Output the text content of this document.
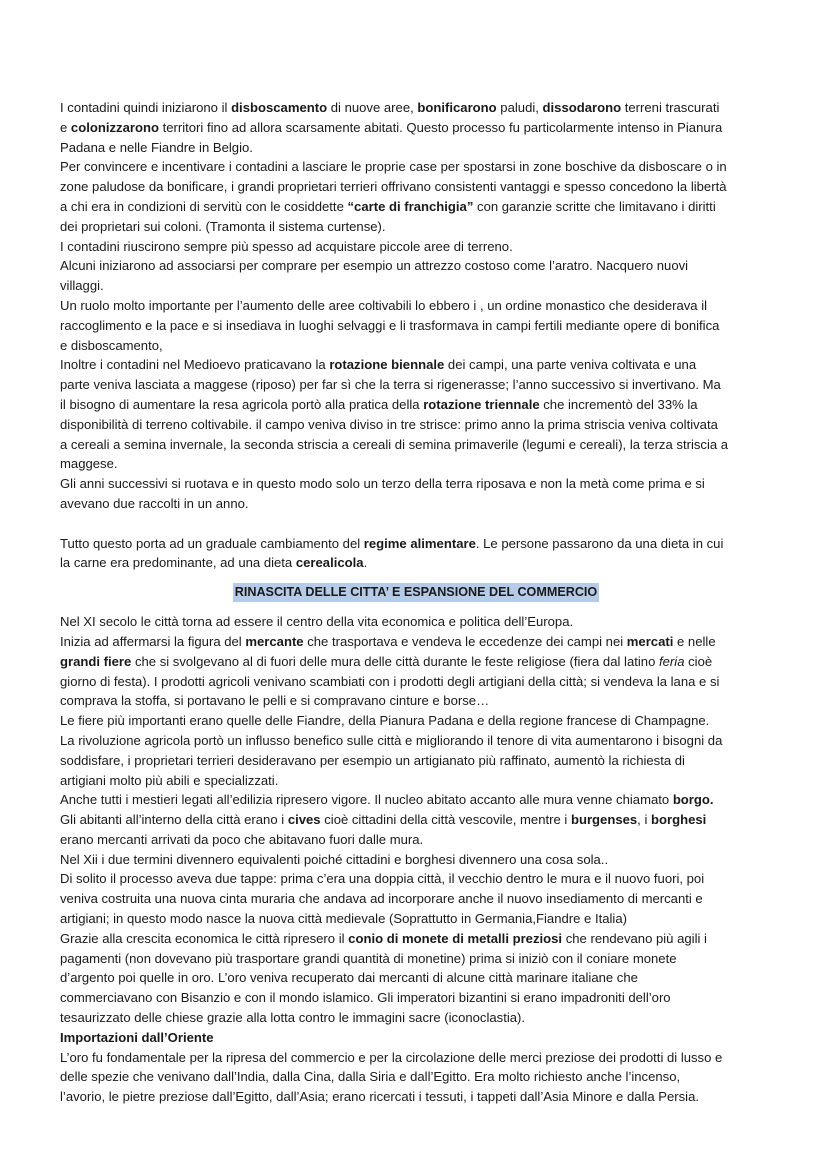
I contadini quindi iniziarono il disboscamento di nuove aree, bonificarono paludi, dissodarono terreni trascurati
e colonizzarono territori fino ad allora scarsamente abitati. Questo processo fu particolarmente intenso in Pianura
Padana e nelle Fiandre in Belgio.
Per convincere e incentivare i contadini a lasciare le proprie case per spostarsi in zone boschive da disboscare o in
zone paludose da bonificare, i grandi proprietari terrieri offrivano consistenti vantaggi e spesso concedono la libertà
a chi era in condizioni di servitù con le cosiddette “carte di franchigia” con garanzie scritte che limitavano i diritti
dei proprietari sui coloni. (Tramonta il sistema curtense).
I contadini riuscirono sempre più spesso ad acquistare piccole aree di terreno.
Alcuni iniziarono ad associarsi per comprare per esempio un attrezzo costoso come l’aratro. Nacquero nuovi
villaggi.
Un ruolo molto importante per l’aumento delle aree coltivabili lo ebbero i , un ordine monastico che desiderava il
raccoglimento e la pace e si insediava in luoghi selvaggi e li trasformava in campi fertili mediante opere di bonifica
e disboscamento,
Inoltre i contadini nel Medioevo praticavano la rotazione biennale dei campi, una parte veniva coltivata e una
parte veniva lasciata a maggese (riposo) per far sì che la terra si rigenerasse; l’anno successivo si invertivano. Ma
il bisogno di aumentare la resa agricola portò alla pratica della rotazione triennale che incrementò del 33% la
disponibilità di terreno coltivabile. il campo veniva diviso in tre strisce: primo anno la prima striscia veniva coltivata
a cereali a semina invernale, la seconda striscia a cereali di semina primaverile (legumi e cereali), la terza striscia a
maggese.
Gli anni successivi si ruotava e in questo modo solo un terzo della terra riposava e non la metà come prima e si
avevano due raccolti in un anno.
Tutto questo porta ad un graduale cambiamento del regime alimentare. Le persone passarono da una dieta in cui
la carne era predominante, ad una dieta cerealicola.
RINASCITA DELLE CITTA’ E ESPANSIONE DEL COMMERCIO
Nel XI secolo le città torna ad essere il centro della vita economica e politica dell’Europa.
Inizia ad affermarsi la figura del mercante che trasportava e vendeva le eccedenze dei campi nei mercati e nelle
grandi fiere che si svolgevano al di fuori delle mura delle città durante le feste religiose (fiera dal latino feria cioè
giorno di festa). I prodotti agricoli venivano scambiati con i prodotti degli artigiani della città; si vendeva la lana e si
comprava la stoffa, si portavano le pelli e si compravano cinture e borse…
Le fiere più importanti erano quelle delle Fiandre, della Pianura Padana e della regione francese di Champagne.
La rivoluzione agricola portò un influsso benefico sulle città e migliorando il tenore di vita aumentarono i bisogni da
soddisfare, i proprietari terrieri desideravano per esempio un artigianato più raffinato, aumentò la richiesta di
artigiani molto più abili e specializzati.
Anche tutti i mestieri legati all’edilizia ripresero vigore. Il nucleo abitato accanto alle mura venne chiamato borgo.
Gli abitanti all’interno della città erano i cives cioè cittadini della città vescovile, mentre i burgenses, i borghesi
erano mercanti arrivati da poco che abitavano fuori dalle mura.
Nel Xii i due termini divennero equivalenti poiché cittadini e borghesi divennero una cosa sola..
Di solito il processo aveva due tappe: prima c’era una doppia città, il vecchio dentro le mura e il nuovo fuori, poi
veniva costruita una nuova cinta muraria che andava ad incorporare anche il nuovo insediamento di mercanti e
artigiani; in questo modo nasce la nuova città medievale (Soprattutto in Germania,Fiandre e Italia)
Grazie alla crescita economica le città ripresero il conio di monete di metalli preziosi che rendevano più agili i
pagamenti (non dovevano più trasportare grandi quantità di monetine) prima si iniziò con il coniare monete
d’argento poi quelle in oro. L’oro veniva recuperato dai mercanti di alcune città marinare italiane che
commerciavano con Bisanzio e con il mondo islamico. Gli imperatori bizantini si erano impadroniti dell’oro
tesaurizzato delle chiese grazie alla lotta contro le immagini sacre (iconoclastia).
Importazioni dall’Oriente
L’oro fu fondamentale per la ripresa del commercio e per la circolazione delle merci preziose dei prodotti di lusso e
delle spezie che venivano dall’India, dalla Cina, dalla Siria e dall’Egitto. Era molto richiesto anche l’incenso,
l’avorio, le pietre preziose dall’Egitto, dall’Asia; erano ricercati i tessuti, i tappeti dall’Asia Minore e dalla Persia.
